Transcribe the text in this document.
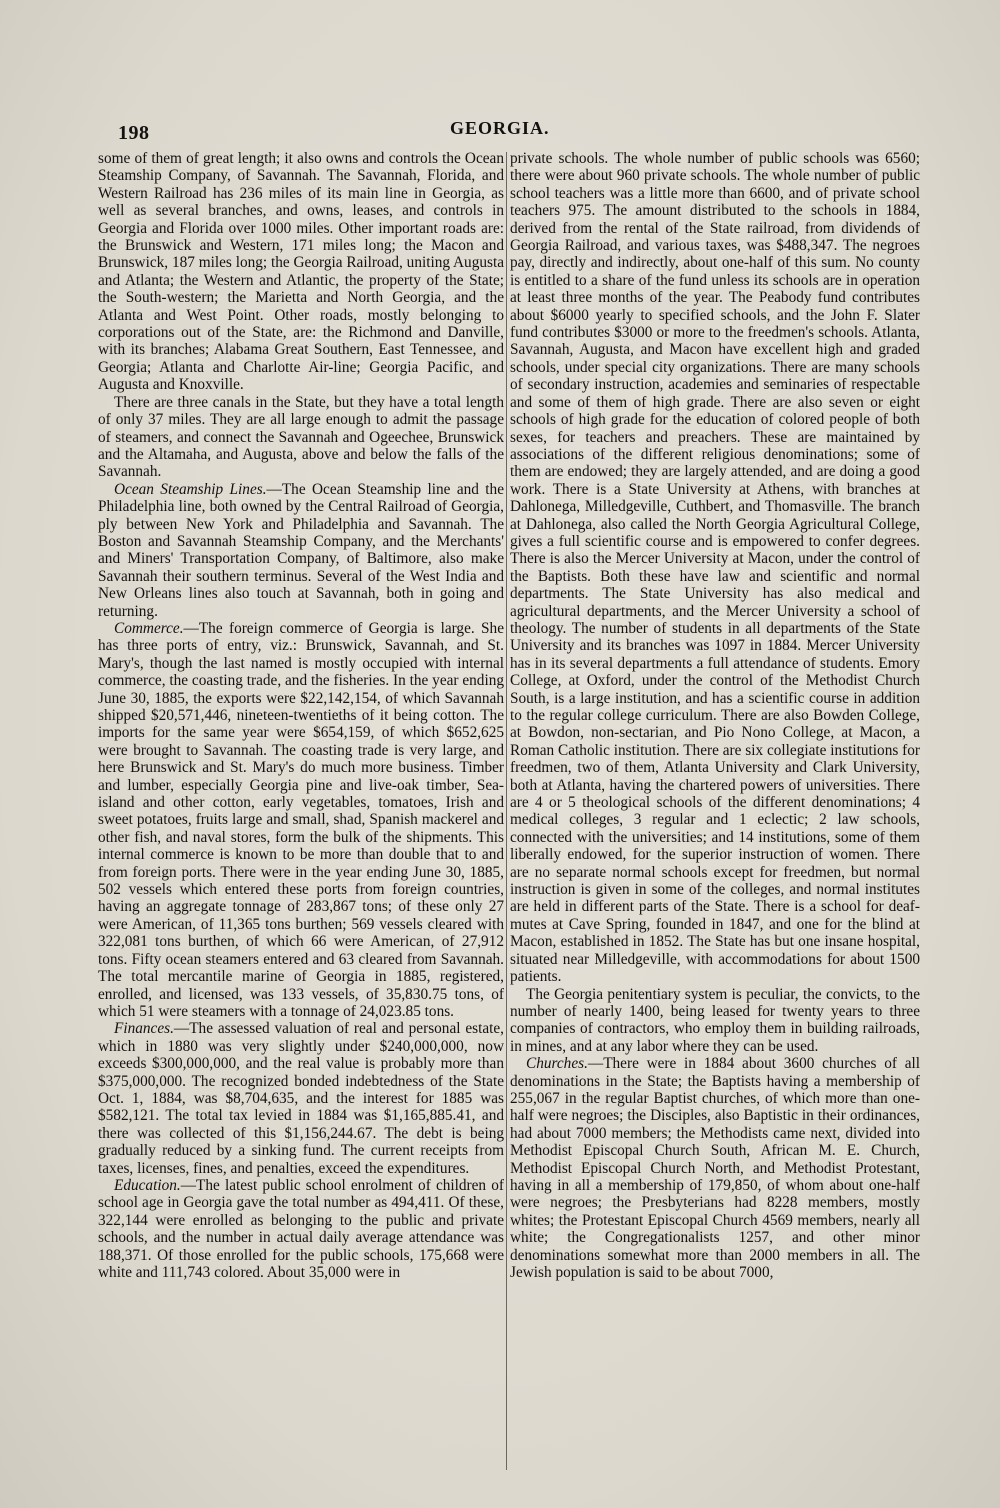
198	GEORGIA.

some of them of great length; it also owns and controls the Ocean Steamship Company, of Savannah. The Savannah, Florida, and Western Railroad has 236 miles of its main line in Georgia, as well as several branches, and owns, leases, and controls in Georgia and Florida over 1000 miles. Other important roads are: the Brunswick and Western, 171 miles long; the Macon and Brunswick, 187 miles long; the Georgia Railroad, uniting Augusta and Atlanta; the Western and Atlantic, the property of the State; the South-western; the Marietta and North Georgia, and the Atlanta and West Point. Other roads, mostly belonging to corporations out of the State, are: the Richmond and Danville, with its branches; Alabama Great Southern, East Tennessee, and Georgia; Atlanta and Charlotte Air-line; Georgia Pacific, and Augusta and Knoxville.

There are three canals in the State, but they have a total length of only 37 miles. They are all large enough to admit the passage of steamers, and connect the Savannah and Ogeechee, Brunswick and the Altamaha, and Augusta, above and below the falls of the Savannah.

Ocean Steamship Lines.—The Ocean Steamship line and the Philadelphia line, both owned by the Central Railroad of Georgia, ply between New York and Philadelphia and Savannah. The Boston and Savannah Steamship Company, and the Merchants' and Miners' Transportation Company, of Baltimore, also make Savannah their southern terminus. Several of the West India and New Orleans lines also touch at Savannah, both in going and returning.

Commerce.—The foreign commerce of Georgia is large. She has three ports of entry, viz.: Brunswick, Savannah, and St. Mary's, though the last named is mostly occupied with internal commerce, the coasting trade, and the fisheries. In the year ending June 30, 1885, the exports were $22,142,154, of which Savannah shipped $20,571,446, nineteen-twentieths of it being cotton. The imports for the same year were $654,159, of which $652,625 were brought to Savannah. The coasting trade is very large, and here Brunswick and St. Mary's do much more business. Timber and lumber, especially Georgia pine and live-oak timber, Sea-island and other cotton, early vegetables, tomatoes, Irish and sweet potatoes, fruits large and small, shad, Spanish mackerel and other fish, and naval stores, form the bulk of the shipments. This internal commerce is known to be more than double that to and from foreign ports. There were in the year ending June 30, 1885, 502 vessels which entered these ports from foreign countries, having an aggregate tonnage of 283,867 tons; of these only 27 were American, of 11,365 tons burthen; 569 vessels cleared with 322,081 tons burthen, of which 66 were American, of 27,912 tons. Fifty ocean steamers entered and 63 cleared from Savannah. The total mercantile marine of Georgia in 1885, registered, enrolled, and licensed, was 133 vessels, of 35,830.75 tons, of which 51 were steamers with a tonnage of 24,023.85 tons.

Finances.—The assessed valuation of real and personal estate, which in 1880 was very slightly under $240,000,000, now exceeds $300,000,000, and the real value is probably more than $375,000,000. The recognized bonded indebtedness of the State Oct. 1, 1884, was $8,704,635, and the interest for 1885 was $582,121. The total tax levied in 1884 was $1,165,885.41, and there was collected of this $1,156,244.67. The debt is being gradually reduced by a sinking fund. The current receipts from taxes, licenses, fines, and penalties, exceed the expenditures.

Education.—The latest public school enrolment of children of school age in Georgia gave the total number as 494,411. Of these, 322,144 were enrolled as belonging to the public and private schools, and the number in actual daily average attendance was 188,371. Of those enrolled for the public schools, 175,668 were white and 111,743 colored. About 35,000 were in

private schools. The whole number of public schools was 6560; there were about 960 private schools. The whole number of public school teachers was a little more than 6600, and of private school teachers 975. The amount distributed to the schools in 1884, derived from the rental of the State railroad, from dividends of Georgia Railroad, and various taxes, was $488,347. The negroes pay, directly and indirectly, about one-half of this sum. No county is entitled to a share of the fund unless its schools are in operation at least three months of the year. The Peabody fund contributes about $6000 yearly to specified schools, and the John F. Slater fund contributes $3000 or more to the freedmen's schools. Atlanta, Savannah, Augusta, and Macon have excellent high and graded schools, under special city organizations. There are many schools of secondary instruction, academies and seminaries of respectable and some of them of high grade. There are also seven or eight schools of high grade for the education of colored people of both sexes, for teachers and preachers. These are maintained by associations of the different religious denominations; some of them are endowed; they are largely attended, and are doing a good work. There is a State University at Athens, with branches at Dahlonega, Milledgeville, Cuthbert, and Thomasville. The branch at Dahlonega, also called the North Georgia Agricultural College, gives a full scientific course and is empowered to confer degrees. There is also the Mercer University at Macon, under the control of the Baptists. Both these have law and scientific and normal departments. The State University has also medical and agricultural departments, and the Mercer University a school of theology. The number of students in all departments of the State University and its branches was 1097 in 1884. Mercer University has in its several departments a full attendance of students. Emory College, at Oxford, under the control of the Methodist Church South, is a large institution, and has a scientific course in addition to the regular college curriculum. There are also Bowden College, at Bowdon, non-sectarian, and Pio Nono College, at Macon, a Roman Catholic institution. There are six collegiate institutions for freedmen, two of them, Atlanta University and Clark University, both at Atlanta, having the chartered powers of universities. There are 4 or 5 theological schools of the different denominations; 4 medical colleges, 3 regular and 1 eclectic; 2 law schools, connected with the universities; and 14 institutions, some of them liberally endowed, for the superior instruction of women. There are no separate normal schools except for freedmen, but normal instruction is given in some of the colleges, and normal institutes are held in different parts of the State. There is a school for deaf-mutes at Cave Spring, founded in 1847, and one for the blind at Macon, established in 1852. The State has but one insane hospital, situated near Milledgeville, with accommodations for about 1500 patients.

The Georgia penitentiary system is peculiar, the convicts, to the number of nearly 1400, being leased for twenty years to three companies of contractors, who employ them in building railroads, in mines, and at any labor where they can be used.

Churches.—There were in 1884 about 3600 churches of all denominations in the State; the Baptists having a membership of 255,067 in the regular Baptist churches, of which more than one-half were negroes; the Disciples, also Baptistic in their ordinances, had about 7000 members; the Methodists came next, divided into Methodist Episcopal Church South, African M. E. Church, Methodist Episcopal Church North, and Methodist Protestant, having in all a membership of 179,850, of whom about one-half were negroes; the Presbyterians had 8228 members, mostly whites; the Protestant Episcopal Church 4569 members, nearly all white; the Congregationalists 1257, and other minor denominations somewhat more than 2000 members in all. The Jewish population is said to be about 7000,
